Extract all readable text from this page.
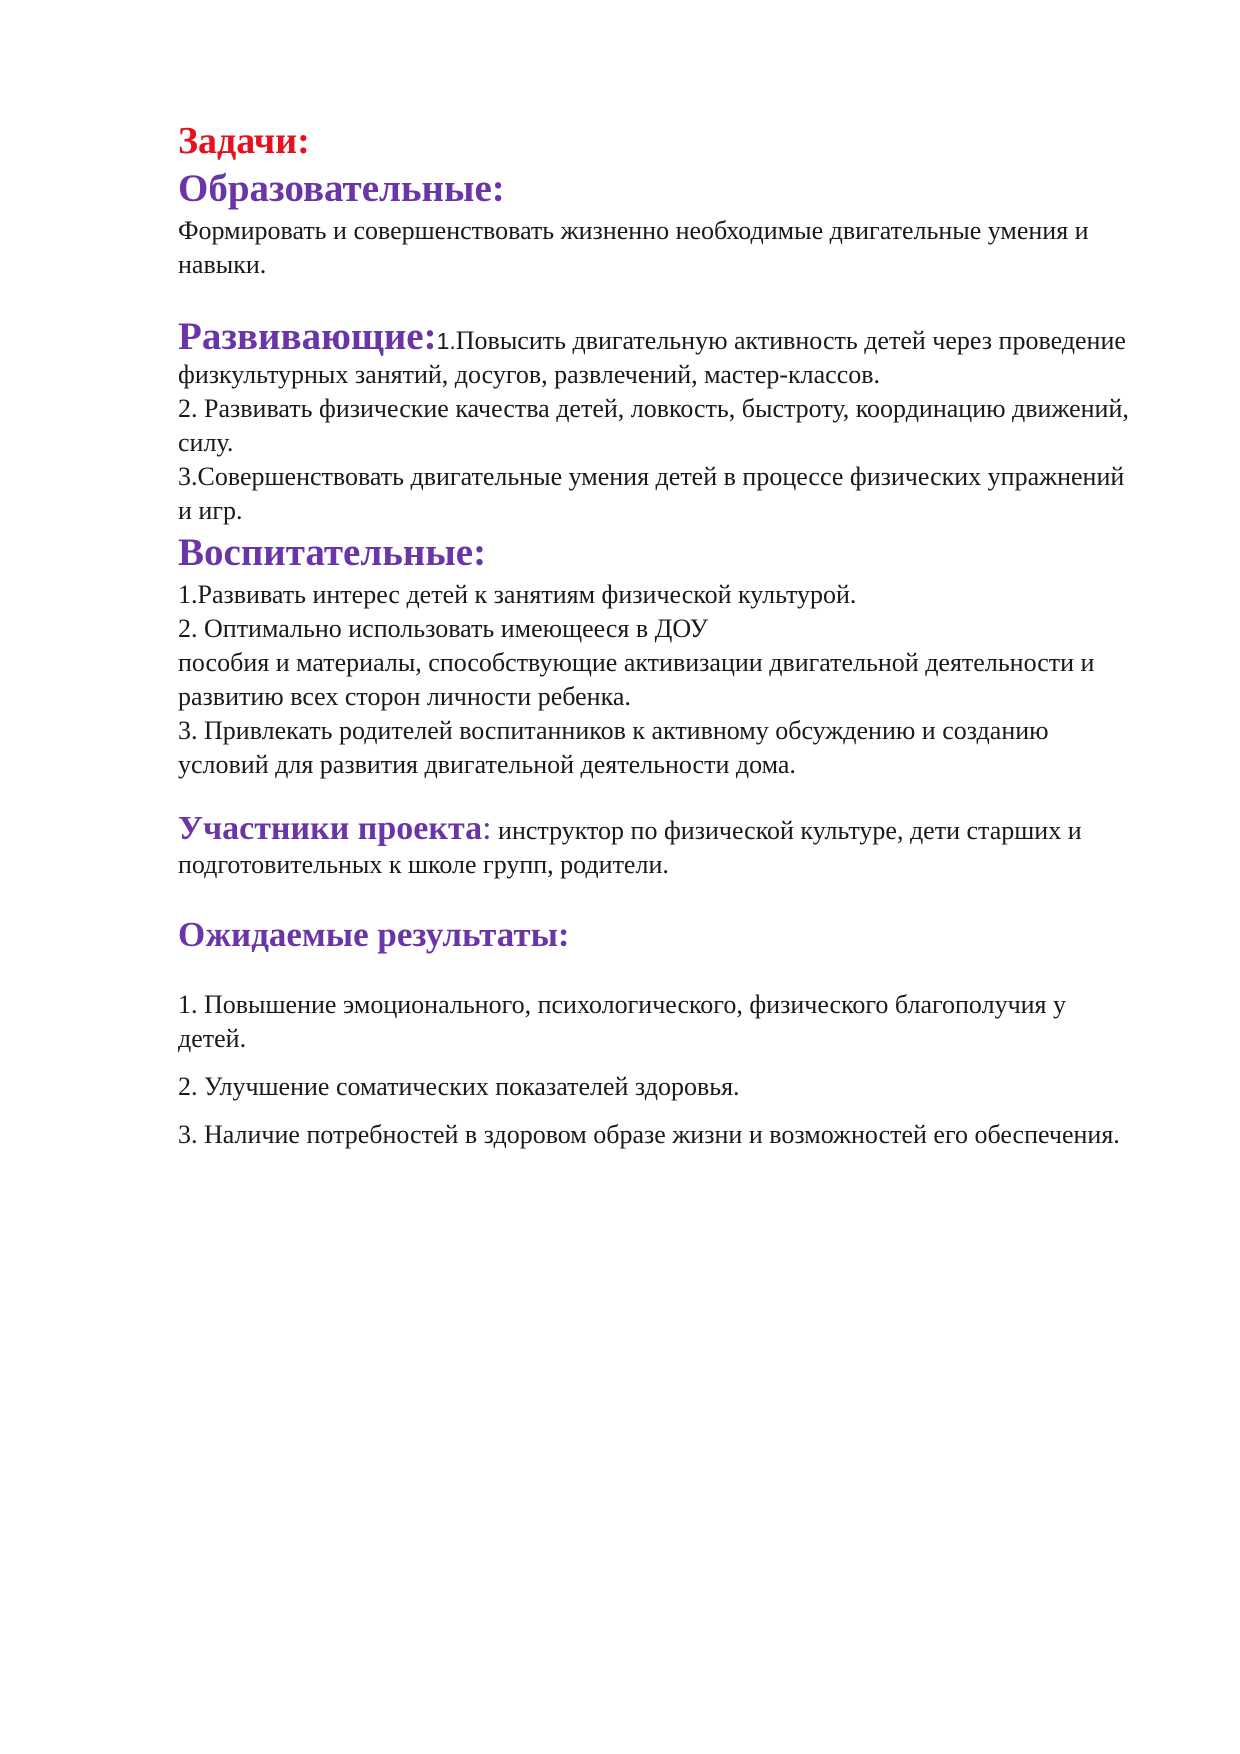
Задачи:
Образовательные:

Формировать и совершенствовать жизненно необходимые двигательные умения и навыки.

Развивающие:1.Повысить двигательную активность детей через проведение физкультурных занятий, досугов, развлечений, мастер-классов.

2. Развивать физические качества детей, ловкость, быстроту, координацию движений, силу.

3.Совершенствовать двигательные умения детей в процессе физических упражнений и игр.

Воспитательные:

1.Развивать интерес детей к занятиям физической культурой.

2. Оптимально использовать имеющееся в ДОУ

пособия и материалы, способствующие активизации двигательной деятельности и развитию всех сторон личности ребенка.

3. Привлекать родителей воспитанников к активному обсуждению и созданию условий для развития двигательной деятельности дома.

Участники проекта: инструктор по физической культуре, дети старших и подготовительных к школе групп, родители.

Ожидаемые результаты:

1. Повышение эмоционального, психологического, физического благополучия у детей.

2. Улучшение соматических показателей здоровья.

3. Наличие потребностей в здоровом образе жизни и возможностей его обеспечения.
